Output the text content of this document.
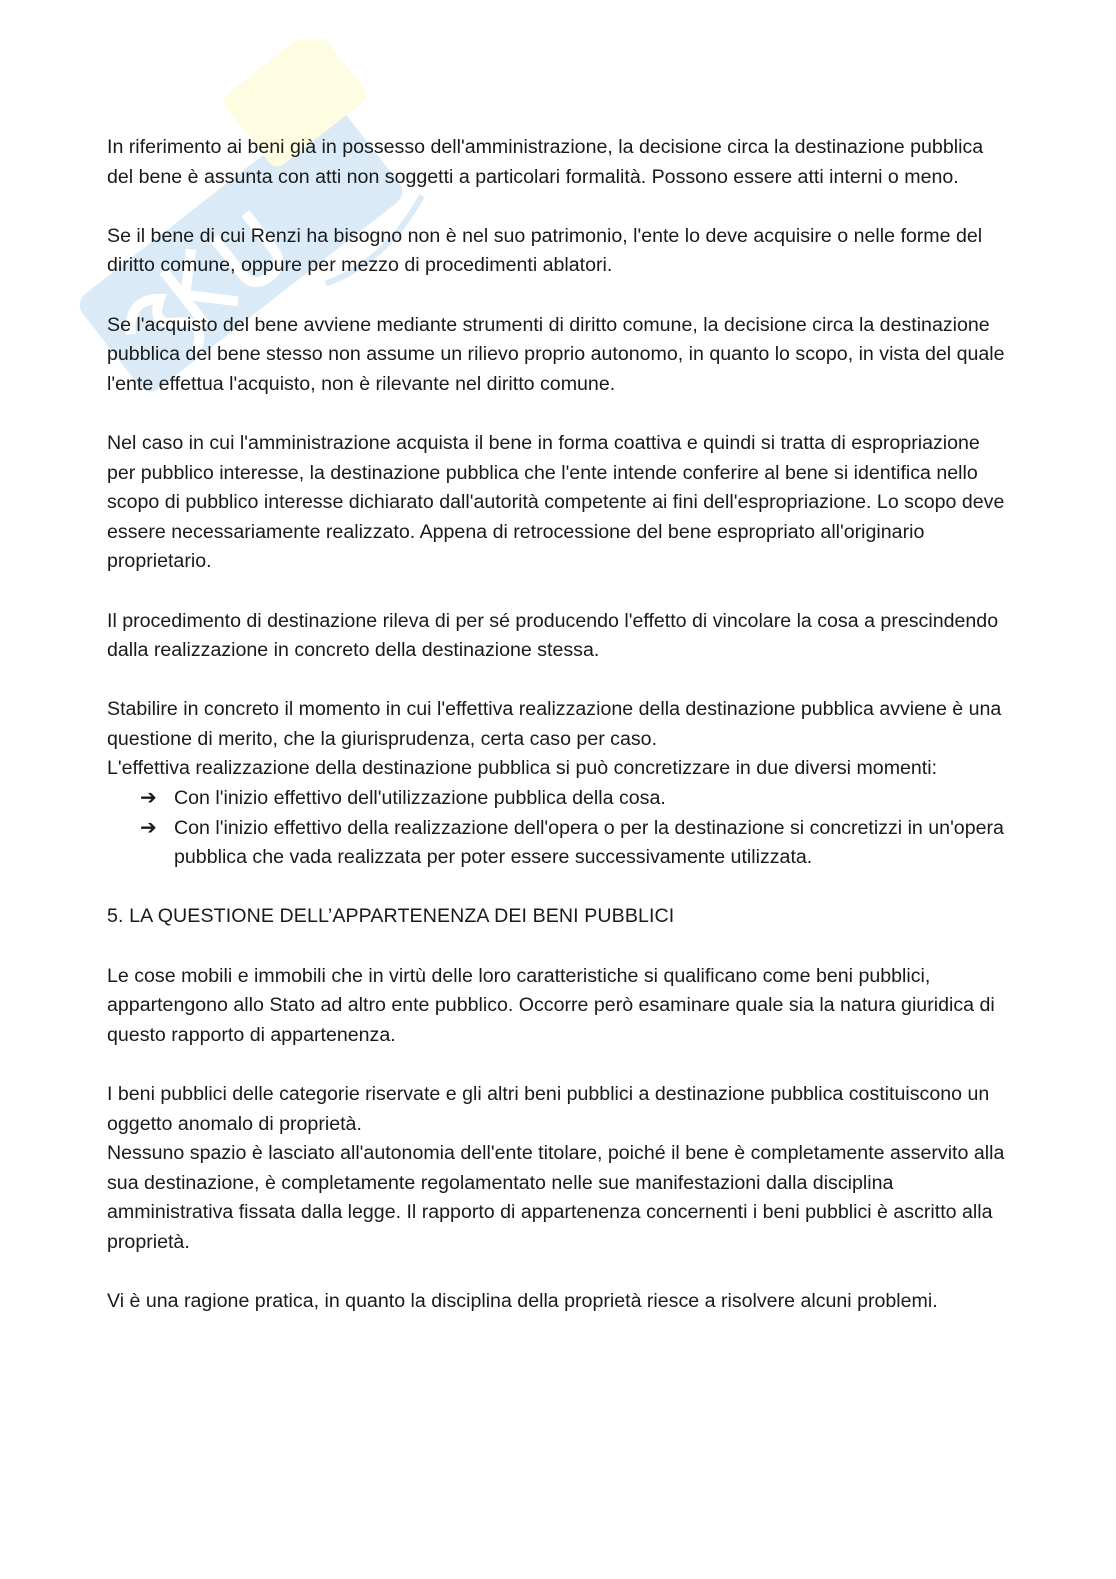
In riferimento ai beni già in possesso dell'amministrazione, la decisione circa la destinazione pubblica del bene è assunta con atti non soggetti a particolari formalità. Possono essere atti interni o meno.

Se il bene di cui Renzi ha bisogno non è nel suo patrimonio, l'ente lo deve acquisire o nelle forme del diritto comune, oppure per mezzo di procedimenti ablatori.

Se l'acquisto del bene avviene mediante strumenti di diritto comune, la decisione circa la destinazione pubblica del bene stesso non assume un rilievo proprio autonomo, in quanto lo scopo, in vista del quale l'ente effettua l'acquisto, non è rilevante nel diritto comune.

Nel caso in cui l'amministrazione acquista il bene in forma coattiva e quindi si tratta di espropriazione per pubblico interesse, la destinazione pubblica che l'ente intende conferire al bene si identifica nello scopo di pubblico interesse dichiarato dall'autorità competente ai fini dell'espropriazione. Lo scopo deve essere necessariamente realizzato. Appena di retrocessione del bene espropriato all'originario proprietario.

Il procedimento di destinazione rileva di per sé producendo l'effetto di vincolare la cosa a prescindendo dalla realizzazione in concreto della destinazione stessa.

Stabilire in concreto il momento in cui l'effettiva realizzazione della destinazione pubblica avviene è una questione di merito, che la giurisprudenza, certa caso per caso.

L'effettiva realizzazione della destinazione pubblica si può concretizzare in due diversi momenti:

➔ Con l'inizio effettivo dell'utilizzazione pubblica della cosa.
➔ Con l'inizio effettivo della realizzazione dell'opera o per la destinazione si concretizzi in un'opera pubblica che vada realizzata per poter essere successivamente utilizzata.

5. LA QUESTIONE DELL’APPARTENENZA DEI BENI PUBBLICI

Le cose mobili e immobili che in virtù delle loro caratteristiche si qualificano come beni pubblici, appartengono allo Stato ad altro ente pubblico. Occorre però esaminare quale sia la natura giuridica di questo rapporto di appartenenza.

I beni pubblici delle categorie riservate e gli altri beni pubblici a destinazione pubblica costituiscono un oggetto anomalo di proprietà.

Nessuno spazio è lasciato all'autonomia dell'ente titolare, poiché il bene è completamente asservito alla sua destinazione, è completamente regolamentato nelle sue manifestazioni dalla disciplina amministrativa fissata dalla legge. Il rapporto di appartenenza concernenti i beni pubblici è ascritto alla proprietà.

Vi è una ragione pratica, in quanto la disciplina della proprietà riesce a risolvere alcuni problemi.
